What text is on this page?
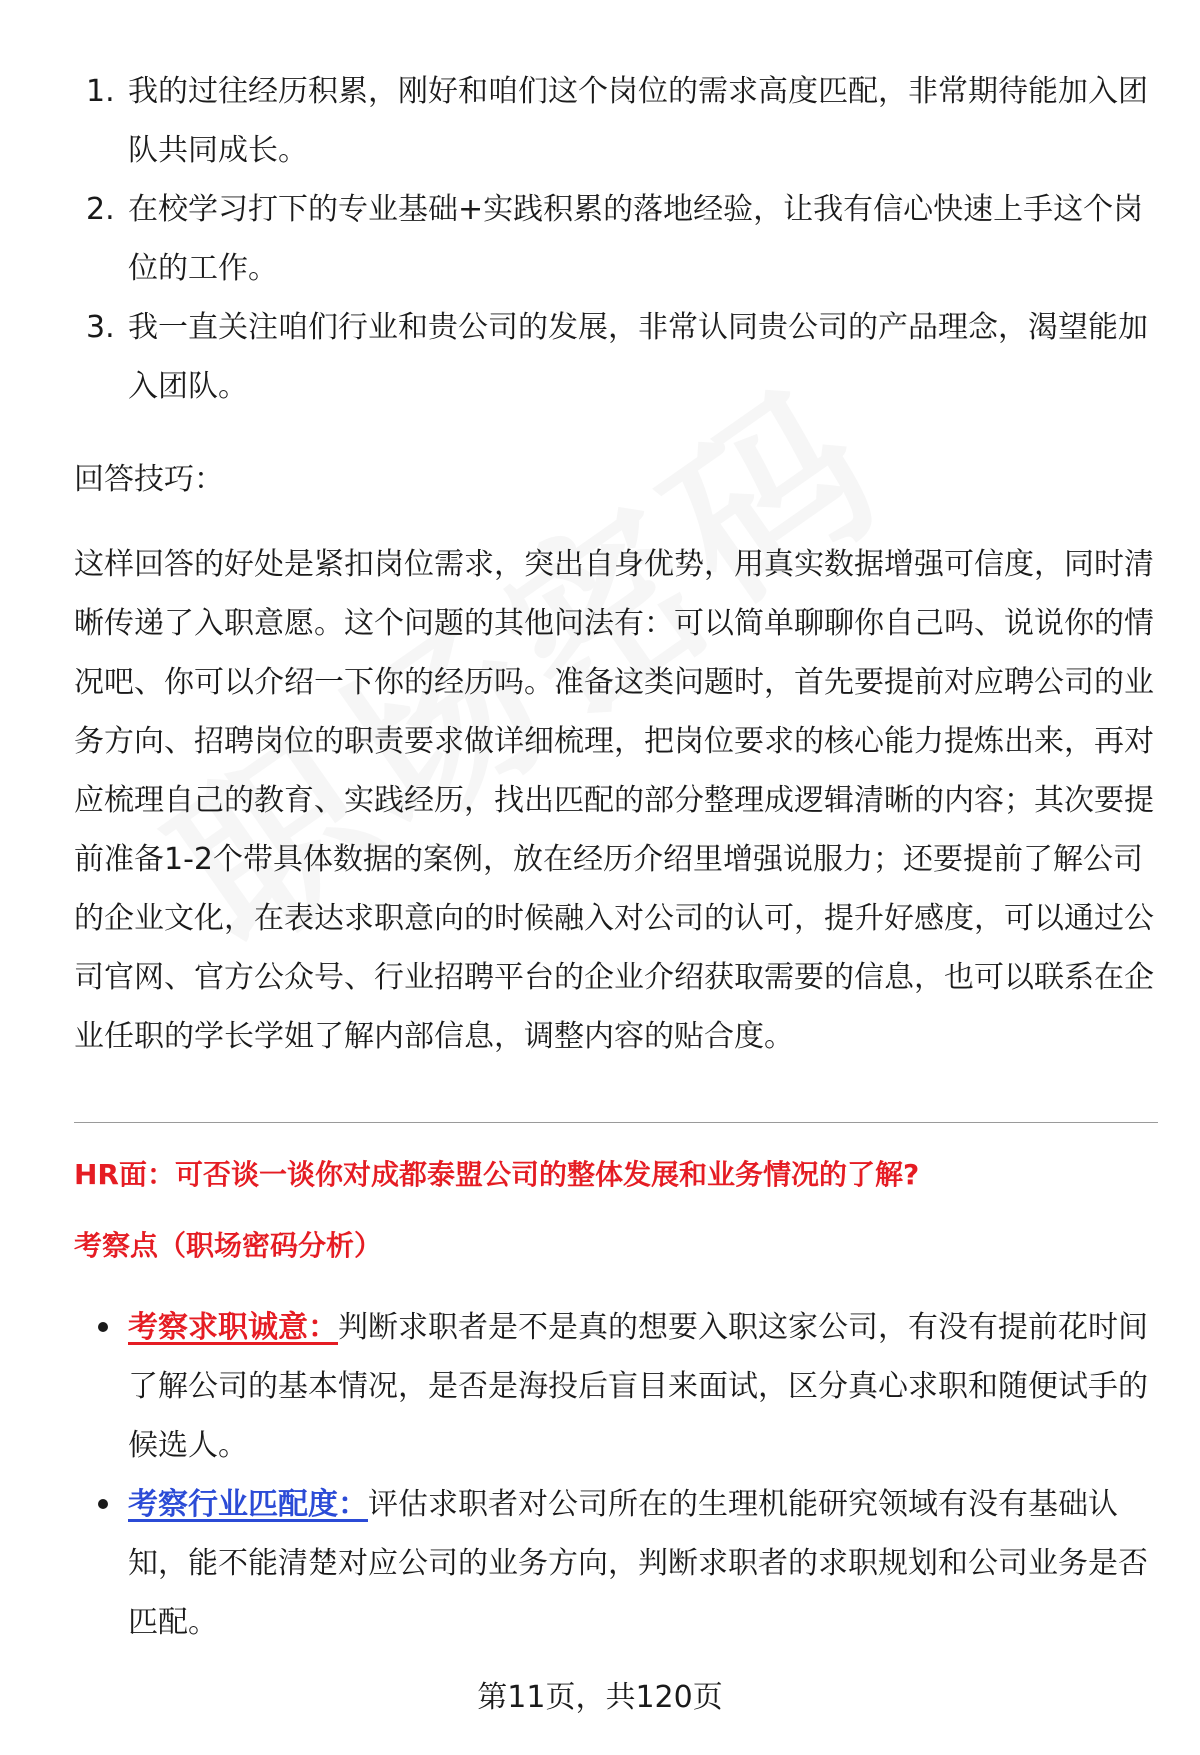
1. 我的过往经历积累，刚好和咱们这个岗位的需求高度匹配，非常期待能加入团队共同成长。
2. 在校学习打下的专业基础+实践积累的落地经验，让我有信心快速上手这个岗位的工作。
3. 我一直关注咱们行业和贵公司的发展，非常认同贵公司的产品理念，渴望能加入团队。
回答技巧：
这样回答的好处是紧扣岗位需求，突出自身优势，用真实数据增强可信度，同时清晰传递了入职意愿。这个问题的其他问法有：可以简单聊聊你自己吗、说说你的情况吧、你可以介绍一下你的经历吗。准备这类问题时，首先要提前对应聘公司的业务方向、招聘岗位的职责要求做详细梳理，把岗位要求的核心能力提炼出来，再对应梳理自己的教育、实践经历，找出匹配的部分整理成逻辑清晰的内容；其次要提前准备1-2个带具体数据的案例，放在经历介绍里增强说服力；还要提前了解公司的企业文化，在表达求职意向的时候融入对公司的认可，提升好感度，可以通过公司官网、官方公众号、行业招聘平台的企业介绍获取需要的信息，也可以联系在企业任职的学长学姐了解内部信息，调整内容的贴合度。
HR面：可否谈一谈你对成都泰盟公司的整体发展和业务情况的了解?
考察点（职场密码分析）
考察求职诚意：判断求职者是不是真的想要入职这家公司，有没有提前花时间了解公司的基本情况，是否是海投后盲目来面试，区分真心求职和随便试手的候选人。
考察行业匹配度：评估求职者对公司所在的生理机能研究领域有没有基础认知，能不能清楚对应公司的业务方向，判断求职者的求职规划和公司业务是否匹配。
第11页，共120页
